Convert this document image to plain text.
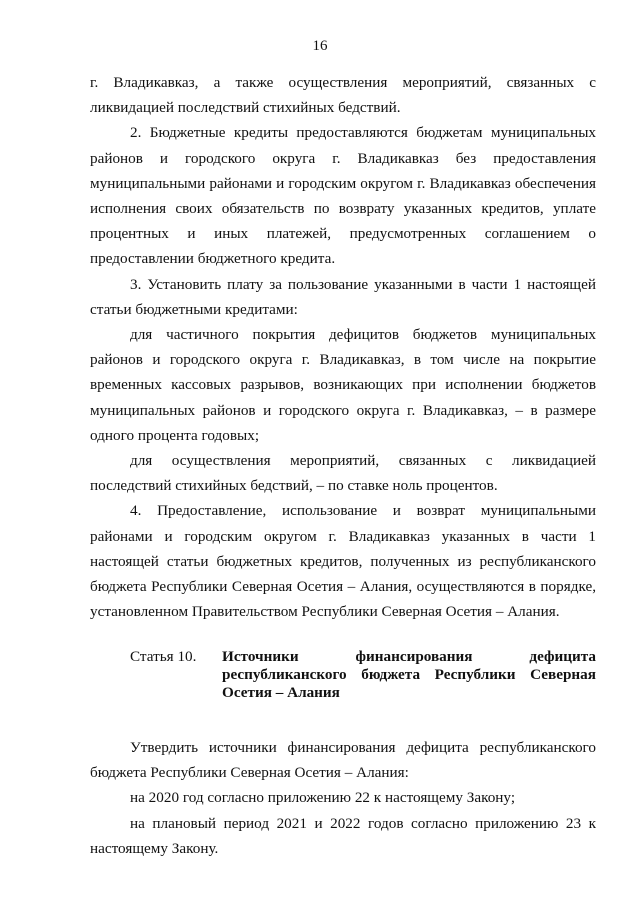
16

г. Владикавказ, а также осуществления мероприятий, связанных с ликвидацией последствий стихийных бедствий.

2. Бюджетные кредиты предоставляются бюджетам муниципальных районов и городского округа г. Владикавказ без предоставления муниципальными районами и городским округом г. Владикавказ обеспечения исполнения своих обязательств по возврату указанных кредитов, уплате процентных и иных платежей, предусмотренных соглашением о предоставлении бюджетного кредита.

3. Установить плату за пользование указанными в части 1 настоящей статьи бюджетными кредитами:

для частичного покрытия дефицитов бюджетов муниципальных районов и городского округа г. Владикавказ, в том числе на покрытие временных кассовых разрывов, возникающих при исполнении бюджетов муниципальных районов и городского округа г. Владикавказ, – в размере одного процента годовых;

для осуществления мероприятий, связанных с ликвидацией последствий стихийных бедствий, – по ставке ноль процентов.

4. Предоставление, использование и возврат муниципальными районами и городским округом г. Владикавказ указанных в части 1 настоящей статьи бюджетных кредитов, полученных из республиканского бюджета Республики Северная Осетия – Алания, осуществляются в порядке, установленном Правительством Республики Северная Осетия – Алания.

Статья 10.	Источники финансирования дефицита республиканского бюджета Республики Северная Осетия – Алания

Утвердить источники финансирования дефицита республиканского бюджета Республики Северная Осетия – Алания:

на 2020 год согласно приложению 22 к настоящему Закону;

на плановый период 2021 и 2022 годов согласно приложению 23 к настоящему Закону.
